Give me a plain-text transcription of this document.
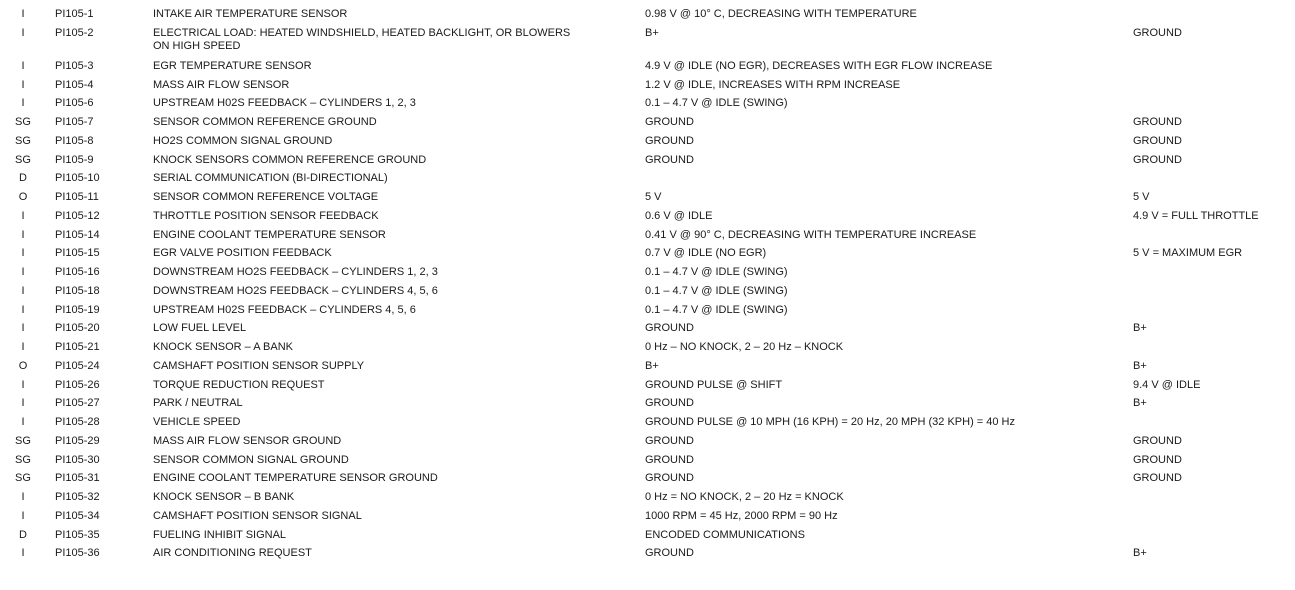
I	PI105-1	INTAKE AIR TEMPERATURE SENSOR	0.98 V @ 10° C, DECREASING WITH TEMPERATURE
I	PI105-2	ELECTRICAL LOAD: HEATED WINDSHIELD, HEATED BACKLIGHT, OR BLOWERS ON HIGH SPEED
B+	GROUND
I	PI105-3	EGR TEMPERATURE SENSOR	4.9 V @ IDLE (NO EGR), DECREASES WITH EGR FLOW INCREASE
I	PI105-4	MASS AIR FLOW SENSOR	1.2 V @ IDLE, INCREASES WITH RPM INCREASE
I	PI105-6	UPSTREAM H02S FEEDBACK – CYLINDERS 1, 2, 3	0.1 – 4.7 V @ IDLE (SWING)
SG PI105-7	SENSOR COMMON REFERENCE GROUND	GROUND	GROUND
SG PI105-8	HO2S COMMON SIGNAL GROUND	GROUND	GROUND
SG PI105-9	KNOCK SENSORS COMMON REFERENCE GROUND	GROUND	GROUND
D	PI105-10	SERIAL COMMUNICATION (BI-DIRECTIONAL)
O	PI105-11	SENSOR COMMON REFERENCE VOLTAGE	5 V	5 V
I	PI105-12	THROTTLE POSITION SENSOR FEEDBACK	0.6 V @ IDLE	4.9 V = FULL THROTTLE
I	PI105-14	ENGINE COOLANT TEMPERATURE SENSOR	0.41 V @ 90° C, DECREASING WITH TEMPERATURE INCREASE
I	PI105-15	EGR VALVE POSITION FEEDBACK	0.7 V @ IDLE (NO EGR)	5 V = MAXIMUM EGR
I	PI105-16	DOWNSTREAM HO2S FEEDBACK – CYLINDERS 1, 2, 3	0.1 – 4.7 V @ IDLE (SWING)
I	PI105-18	DOWNSTREAM HO2S FEEDBACK – CYLINDERS 4, 5, 6	0.1 – 4.7 V @ IDLE (SWING)
I	PI105-19	UPSTREAM H02S FEEDBACK – CYLINDERS 4, 5, 6	0.1 – 4.7 V @ IDLE (SWING)
I	PI105-20	LOW FUEL LEVEL	GROUND	B+
I	PI105-21	KNOCK SENSOR – A BANK	0 Hz – NO KNOCK, 2 – 20 Hz – KNOCK
O	PI105-24	CAMSHAFT POSITION SENSOR SUPPLY	B+	B+
I	PI105-26	TORQUE REDUCTION REQUEST	GROUND PULSE @ SHIFT	9.4 V @ IDLE
I	PI105-27	PARK / NEUTRAL	GROUND	B+
I	PI105-28	VEHICLE SPEED	GROUND PULSE @ 10 MPH (16 KPH) = 20 Hz, 20 MPH (32 KPH) = 40 Hz
SG PI105-29	MASS AIR FLOW SENSOR GROUND	GROUND	GROUND
SG PI105-30	SENSOR COMMON SIGNAL GROUND	GROUND	GROUND
SG PI105-31	ENGINE COOLANT TEMPERATURE SENSOR GROUND	GROUND	GROUND
I	PI105-32	KNOCK SENSOR – B BANK	0 Hz = NO KNOCK, 2 – 20 Hz = KNOCK
I	PI105-34	CAMSHAFT POSITION SENSOR SIGNAL	1000 RPM = 45 Hz, 2000 RPM = 90 Hz
D	PI105-35	FUELING INHIBIT SIGNAL	ENCODED COMMUNICATIONS
I	PI105-36	AIR CONDITIONING REQUEST	GROUND	B+
